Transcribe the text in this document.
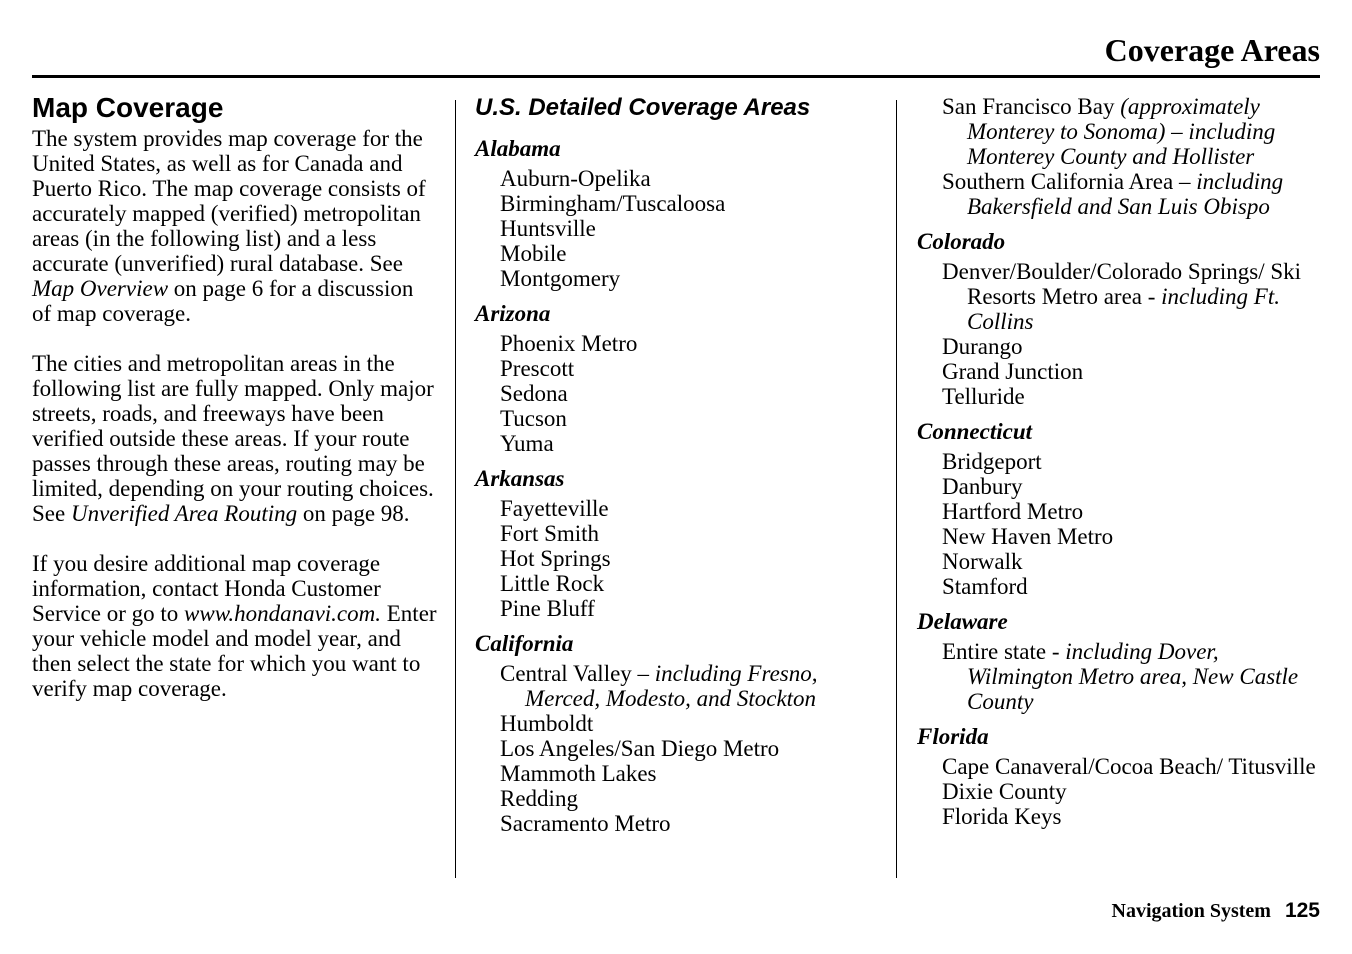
Coverage Areas
Map Coverage

The system provides map coverage for the United States, as well as for Canada and Puerto Rico. The map coverage consists of accurately mapped (verified) metropolitan areas (in the following list) and a less accurate (unverified) rural database. See Map Overview on page 6 for a discussion of map coverage.

The cities and metropolitan areas in the following list are fully mapped. Only major streets, roads, and freeways have been verified outside these areas. If your route passes through these areas, routing may be limited, depending on your routing choices. See Unverified Area Routing on page 98.

If you desire additional map coverage information, contact Honda Customer Service or go to www.hondanavi.com. Enter your vehicle model and model year, and then select the state for which you want to verify map coverage.

U.S. Detailed Coverage Areas
Alabama
Auburn-Opelika
Birmingham/Tuscaloosa
Huntsville
Mobile
Montgomery
Arizona
Phoenix Metro
Prescott
Sedona
Tucson
Yuma
Arkansas
Fayetteville
Fort Smith
Hot Springs
Little Rock
Pine Bluff
California
Central Valley – including Fresno, Merced, Modesto, and Stockton
Humboldt
Los Angeles/San Diego Metro
Mammoth Lakes
Redding
Sacramento Metro
San Francisco Bay (approximately Monterey to Sonoma) – including Monterey County and Hollister
Southern California Area – including Bakersfield and San Luis Obispo
Colorado
Denver/Boulder/Colorado Springs/ Ski Resorts Metro area - including Ft. Collins
Durango
Grand Junction
Telluride
Connecticut
Bridgeport
Danbury
Hartford Metro
New Haven Metro
Norwalk
Stamford
Delaware
Entire state - including Dover, Wilmington Metro area, New Castle County
Florida
Cape Canaveral/Cocoa Beach/ Titusville
Dixie County
Florida Keys
Navigation System 125
